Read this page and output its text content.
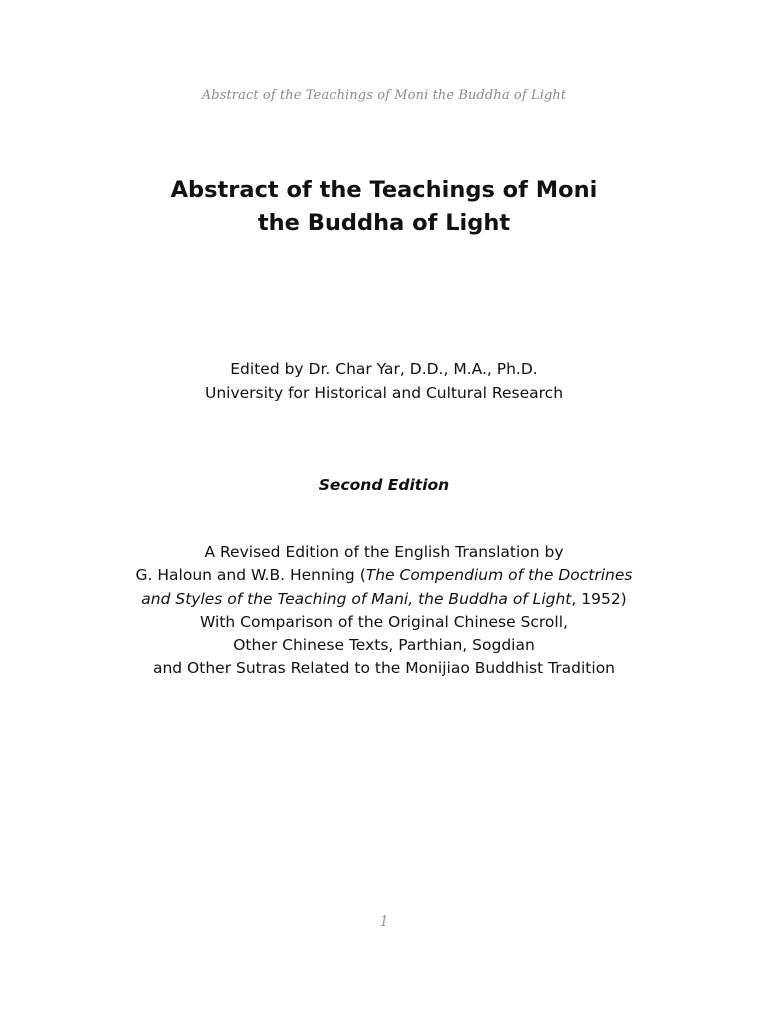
Abstract of the Teachings of Moni the Buddha of Light
Abstract of the Teachings of Moni
the Buddha of Light
Edited by Dr. Char Yar, D.D., M.A., Ph.D.
University for Historical and Cultural Research
Second Edition
A Revised Edition of the English Translation by
G. Haloun and W.B. Henning (The Compendium of the Doctrines
and Styles of the Teaching of Mani, the Buddha of Light, 1952)
With Comparison of the Original Chinese Scroll,
Other Chinese Texts, Parthian, Sogdian
and Other Sutras Related to the Monijiao Buddhist Tradition
1
